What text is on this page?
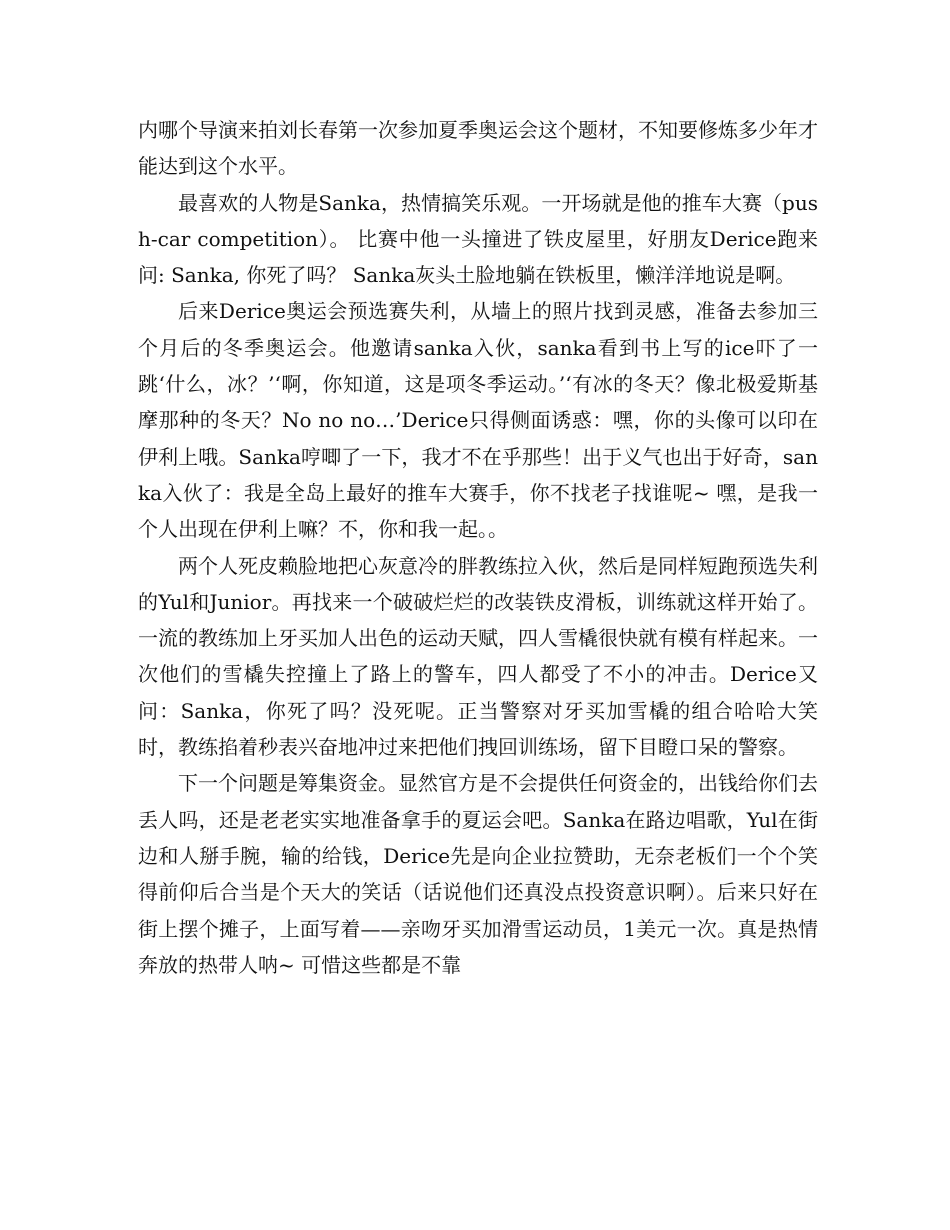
内哪个导演来拍刘长春第一次参加夏季奥运会这个题材，不知要修炼多少年才能达到这个水平。

最喜欢的人物是Sanka，热情搞笑乐观。一开场就是他的推车大赛（push-car competition）。 比赛中他一头撞进了铁皮屋里，好朋友Derice跑来问: Sanka, 你死了吗？ Sanka灰头土脸地躺在铁板里，懒洋洋地说是啊。

后来Derice奥运会预选赛失利，从墙上的照片找到灵感，准备去参加三个月后的冬季奥运会。他邀请sanka入伙，sanka看到书上写的ice吓了一跳‘什么，冰？’‘啊，你知道，这是项冬季运动。’‘有冰的冬天？像北极爱斯基摩那种的冬天？No no no…’Derice只得侧面诱惑：嘿，你的头像可以印在伊利上哦。Sanka哼唧了一下，我才不在乎那些！出于义气也出于好奇，sanka入伙了：我是全岛上最好的推车大赛手，你不找老子找谁呢~ 嘿，是我一个人出现在伊利上嘛？不，你和我一起。。

两个人死皮赖脸地把心灰意冷的胖教练拉入伙，然后是同样短跑预选失利的Yul和Junior。再找来一个破破烂烂的改装铁皮滑板，训练就这样开始了。一流的教练加上牙买加人出色的运动天赋，四人雪橇很快就有模有样起来。一次他们的雪橇失控撞上了路上的警车，四人都受了不小的冲击。Derice又问：Sanka，你死了吗？没死呢。正当警察对牙买加雪橇的组合哈哈大笑时，教练掐着秒表兴奋地冲过来把他们拽回训练场，留下目瞪口呆的警察。

下一个问题是筹集资金。显然官方是不会提供任何资金的，出钱给你们去丢人吗，还是老老实实地准备拿手的夏运会吧。Sanka在路边唱歌，Yul在街边和人掰手腕，输的给钱，Derice先是向企业拉赞助，无奈老板们一个个笑得前仰后合当是个天大的笑话（话说他们还真没点投资意识啊）。后来只好在街上摆个摊子，上面写着——亲吻牙买加滑雪运动员，1美元一次。真是热情奔放的热带人呐~ 可惜这些都是不靠
